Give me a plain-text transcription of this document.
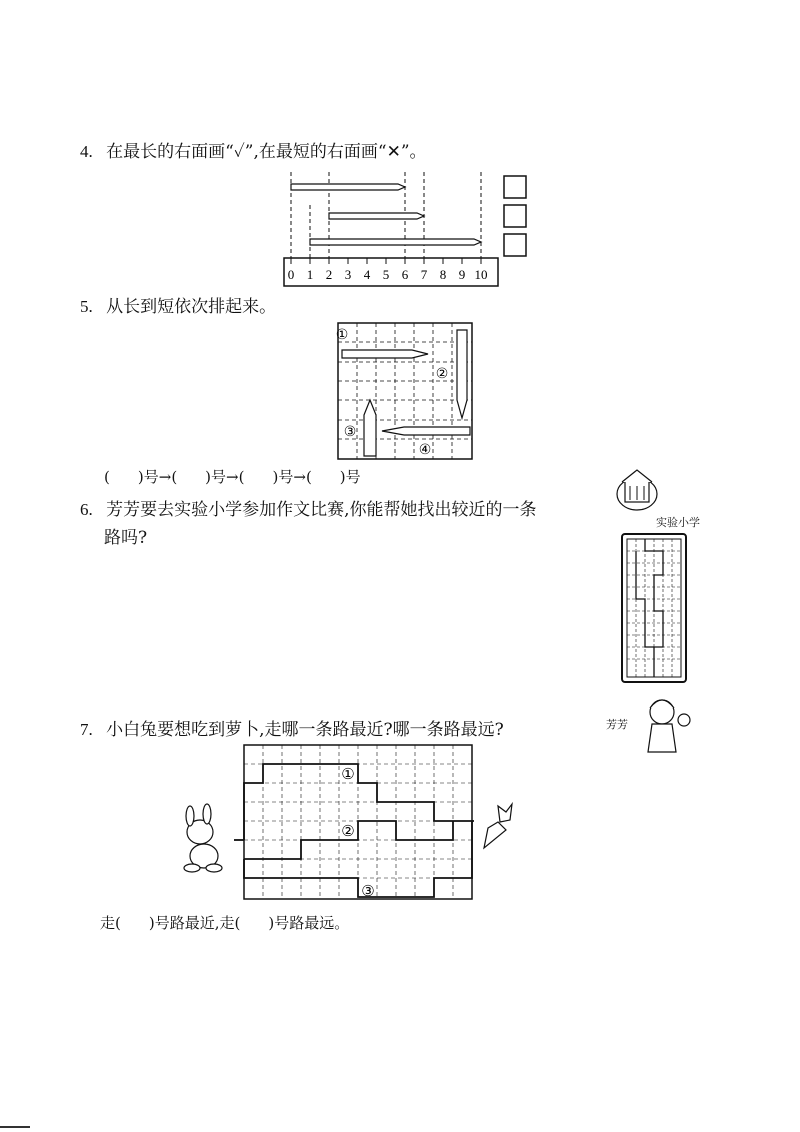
4. 在最长的右面画“✓”,在最短的右面画“✕”。
0 1 2 3 4 5 6 7 8 9 10
5. 从长到短依次排起来。
①
②
③
④
( )号→( )号→( )号→( )号
6. 芳芳要去实验小学参加作文比赛,你能帮她找出较近的一条
路吗?
实验小学
芳芳
7. 小白兔要想吃到萝卜,走哪一条路最近?哪一条路最远?
①
②
③
走( )号路最近,走( )号路最远。
